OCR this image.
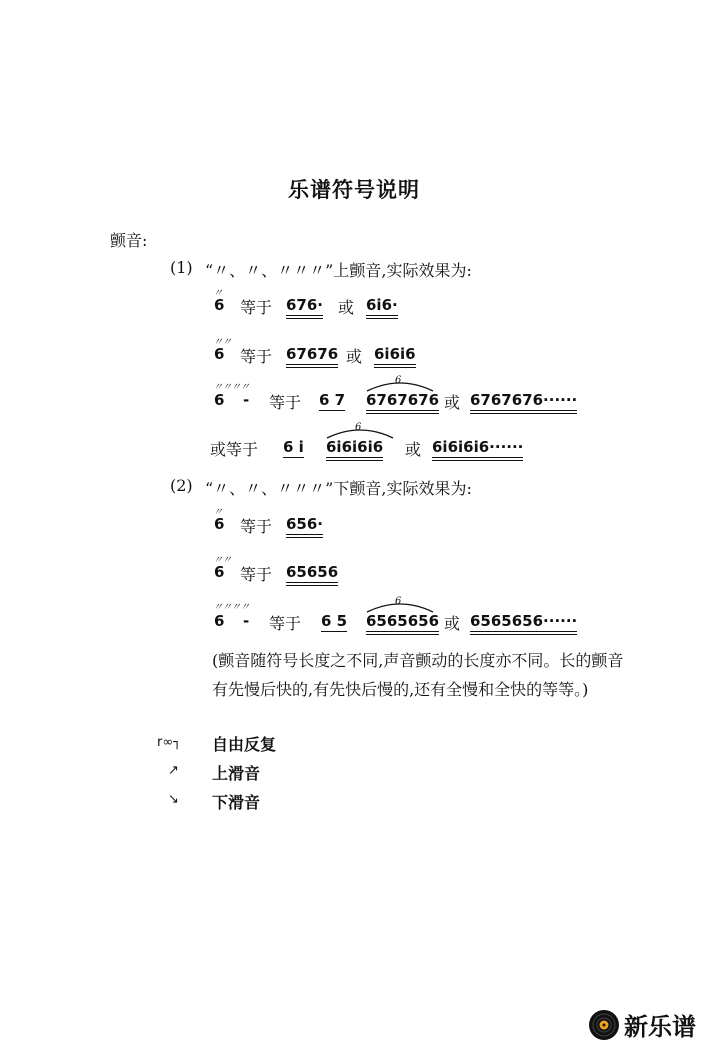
乐谱符号说明
颤音:
(1) “〃、〃、〃〃〃”上颤音,实际效果为:
〃
6 等于 676· 或 6i6·
〃〃
6 等于 67676 或 6i6i6
〃〃〃〃
6 - 等于 6 7
6
6767676 或 6767676······
或等于 6 i
6
6i6i6i6 或 6i6i6i6······
(2) “〃、〃、〃〃〃”下颤音,实际效果为:
〃
6 等于 656·
〃〃
6 等于 65656
〃〃〃〃
6 - 等于 6 5
6
6565656 或 6565656······
(颤音随符号长度之不同,声音颤动的长度亦不同。长的颤音有先慢后快的,有先快后慢的,还有全慢和全快的等等。)
r∞┐ 自由反复
↗ 上滑音
↘ 下滑音
新乐谱
